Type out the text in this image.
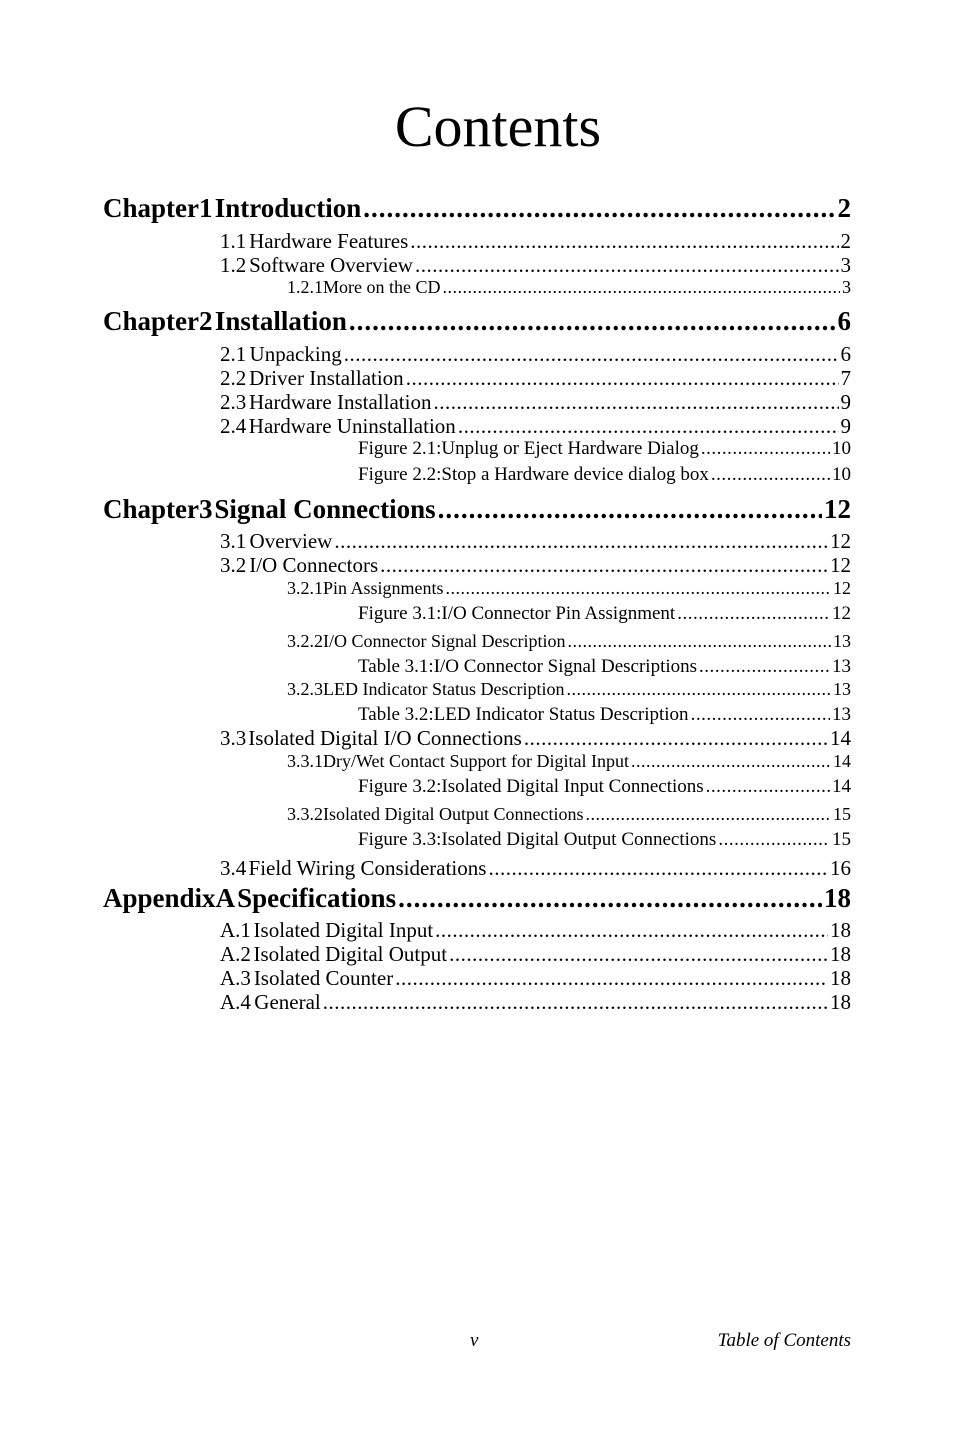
Contents
Chapter 1 Introduction .....	2
1.1 Hardware Features .....	2
1.2 Software Overview .....	3
1.2.1 More on the CD .....	3
Chapter 2 Installation .....	6
2.1 Unpacking .....	6
2.2 Driver Installation .....	7
2.3 Hardware Installation .....	9
2.4 Hardware Uninstallation .....	9
Figure 2.1:Unplug or Eject Hardware Dialog .....	10
Figure 2.2:Stop a Hardware device dialog box .....	10
Chapter 3 Signal Connections .....	12
3.1 Overview .....	12
3.2 I/O Connectors .....	12
3.2.1 Pin Assignments .....	12
Figure 3.1:I/O Connector Pin Assignment .....	12
3.2.2 I/O Connector Signal Description .....	13
Table 3.1:I/O Connector Signal Descriptions .....	13
3.2.3 LED Indicator Status Description .....	13
Table 3.2:LED Indicator Status Description .....	13
3.3 Isolated Digital I/O Connections .....	14
3.3.1 Dry/Wet Contact Support for Digital Input .....	14
Figure 3.2:Isolated Digital Input Connections .....	14
3.3.2 Isolated Digital Output Connections .....	15
Figure 3.3:Isolated Digital Output Connections .....	15
3.4 Field Wiring Considerations .....	16
Appendix A Specifications .....	18
A.1 Isolated Digital Input .....	18
A.2 Isolated Digital Output .....	18
A.3 Isolated Counter .....	18
A.4 General .....	18
v	Table of Contents
